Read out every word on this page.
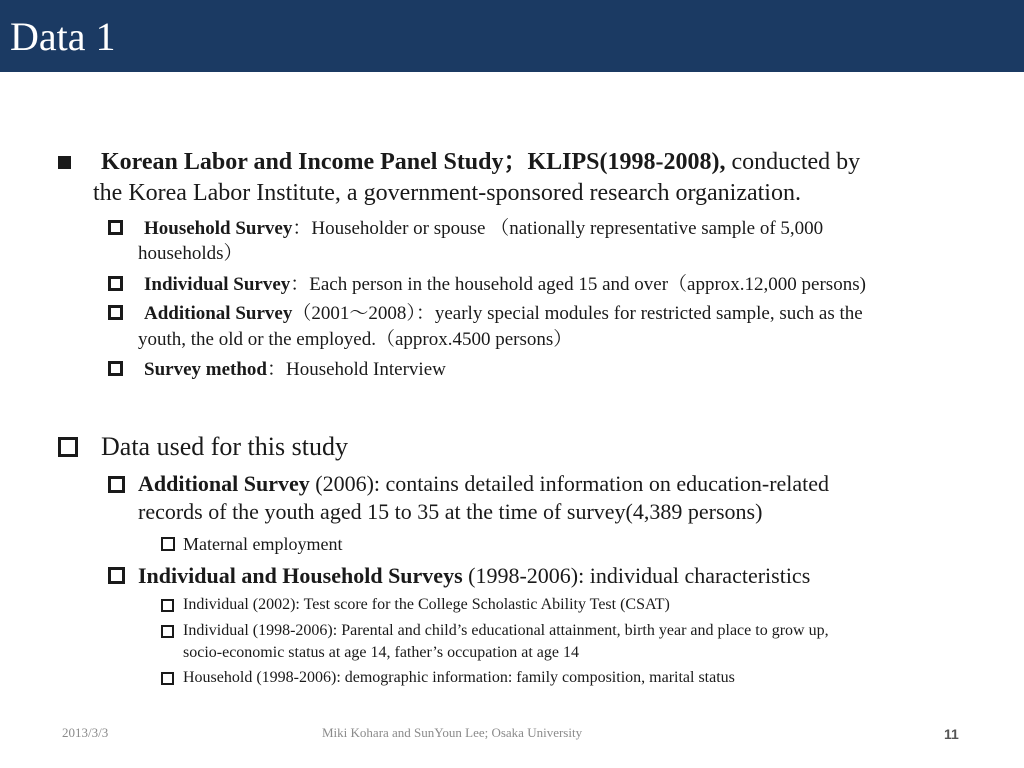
Data 1
Korean Labor and Income Panel Study；KLIPS(1998-2008), conducted by
the Korea Labor Institute, a government-sponsored research organization.
Household Survey：Householder or spouse （nationally representative sample of 5,000
households）
Individual Survey：Each person in the household aged 15 and over（approx.12,000 persons)
Additional Survey（2001～2008）：yearly special modules for restricted sample, such as the
youth, the old or the employed.（approx.4500 persons）
Survey method：Household Interview
Data used for this study
Additional Survey (2006): contains detailed information on education-related
records of the youth aged 15 to 35 at the time of survey(4,389 persons)
Maternal employment
Individual and Household Surveys (1998-2006): individual characteristics
Individual (2002): Test score for the College Scholastic Ability Test (CSAT)
Individual (1998-2006): Parental and child’s educational attainment, birth year and place to grow up,
socio-economic status at age 14, father’s occupation at age 14
Household (1998-2006): demographic information: family composition, marital status
2013/3/3	Miki Kohara and SunYoun Lee; Osaka University	11
